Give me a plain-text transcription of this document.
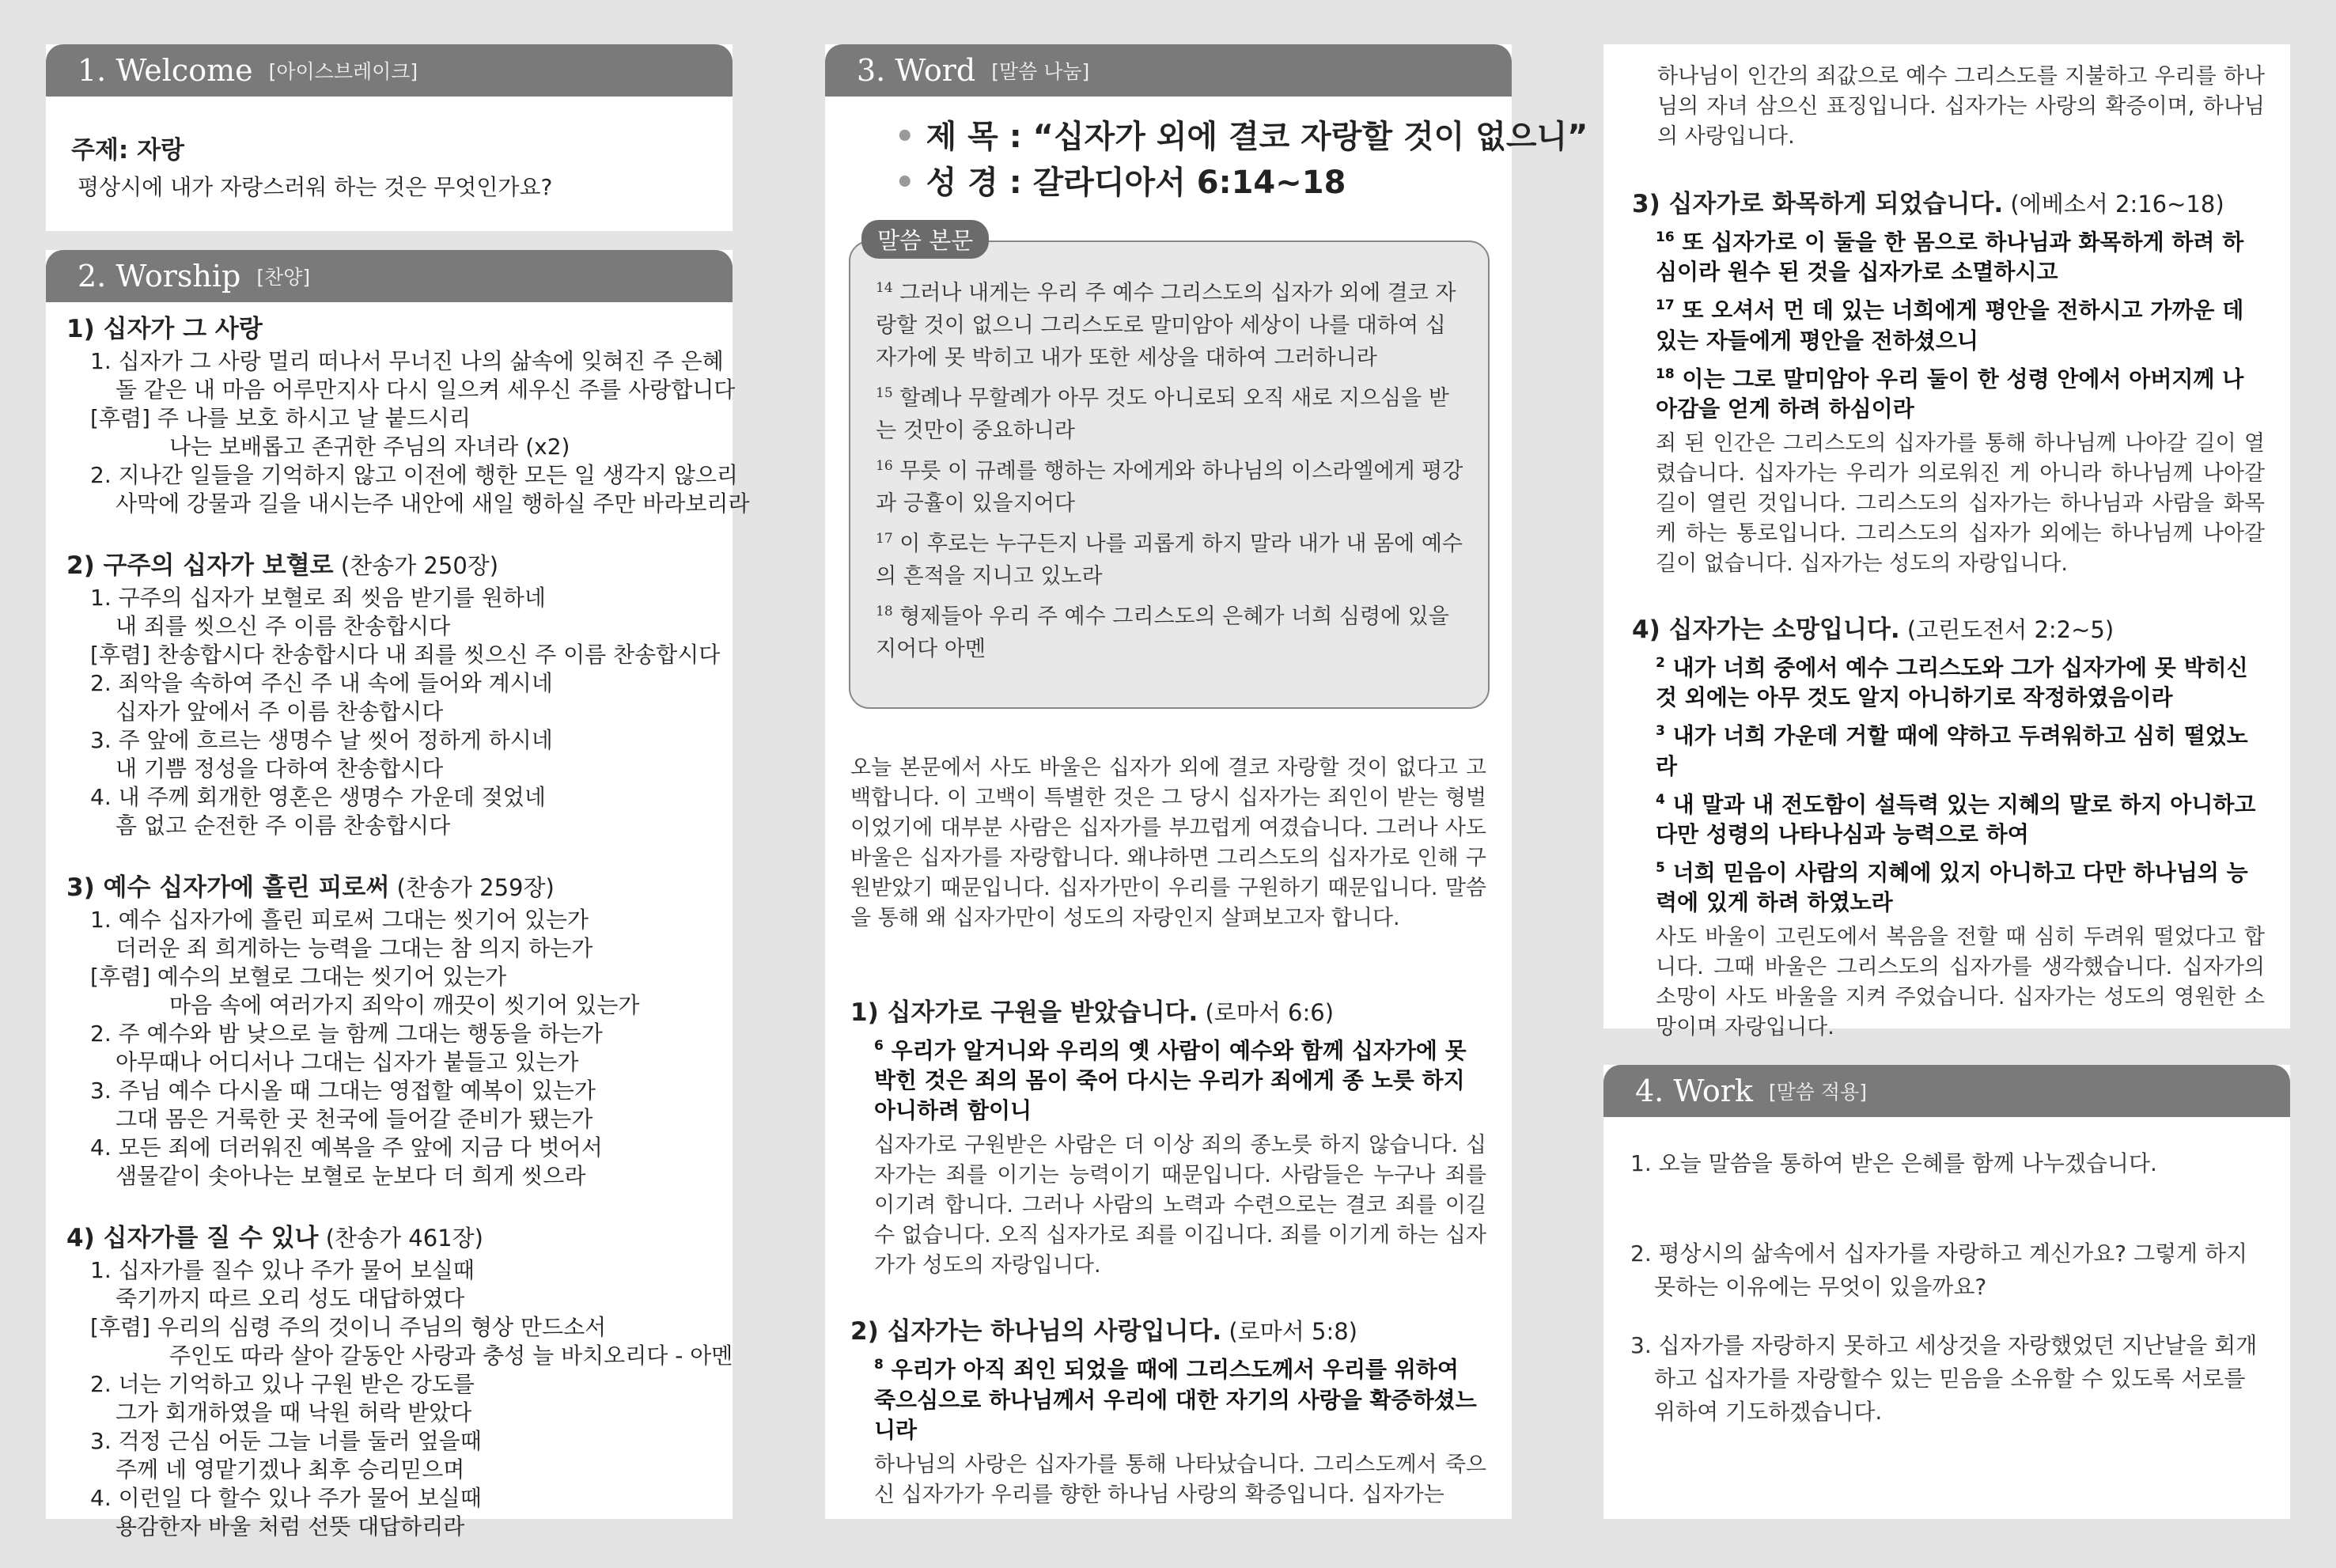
1. Welcome [아이스브레이크]
주제: 자랑
평상시에 내가 자랑스러워 하는 것은 무엇인가요?
2. Worship [찬양]
1) 십자가 그 사랑
1. 십자가 그 사랑 멀리 떠나서 무너진 나의 삶속에 잊혀진 주 은혜
돌 같은 내 마음 어루만지사 다시 일으켜 세우신 주를 사랑합니다
[후렴] 주 나를 보호 하시고 날 붙드시리
나는 보배롭고 존귀한 주님의 자녀라 (x2)
2. 지나간 일들을 기억하지 않고 이전에 행한 모든 일 생각지 않으리
사막에 강물과 길을 내시는주 내안에 새일 행하실 주만 바라보리라
2) 구주의 십자가 보혈로 (찬송가 250장)
1. 구주의 십자가 보혈로 죄 씻음 받기를 원하네
내 죄를 씻으신 주 이름 찬송합시다
[후렴] 찬송합시다 찬송합시다 내 죄를 씻으신 주 이름 찬송합시다
2. 죄악을 속하여 주신 주 내 속에 들어와 계시네
십자가 앞에서 주 이름 찬송합시다
3. 주 앞에 흐르는 생명수 날 씻어 정하게 하시네
내 기쁨 정성을 다하여 찬송합시다
4. 내 주께 회개한 영혼은 생명수 가운데 젖었네
흠 없고 순전한 주 이름 찬송합시다
3) 예수 십자가에 흘린 피로써 (찬송가 259장)
1. 예수 십자가에 흘린 피로써 그대는 씻기어 있는가
더러운 죄 희게하는 능력을 그대는 참 의지 하는가
[후렴] 예수의 보혈로 그대는 씻기어 있는가
마음 속에 여러가지 죄악이 깨끗이 씻기어 있는가
2. 주 예수와 밤 낮으로 늘 함께 그대는 행동을 하는가
아무때나 어디서나 그대는 십자가 붙들고 있는가
3. 주님 예수 다시올 때 그대는 영접할 예복이 있는가
그대 몸은 거룩한 곳 천국에 들어갈 준비가 됐는가
4. 모든 죄에 더러워진 예복을 주 앞에 지금 다 벗어서
샘물같이 솟아나는 보혈로 눈보다 더 희게 씻으라
4) 십자가를 질 수 있나 (찬송가 461장)
1. 십자가를 질수 있나 주가 물어 보실때
죽기까지 따르 오리 성도 대답하였다
[후렴] 우리의 심령 주의 것이니 주님의 형상 만드소서
주인도 따라 살아 갈동안 사랑과 충성 늘 바치오리다 - 아멘
2. 너는 기억하고 있나 구원 받은 강도를
그가 회개하였을 때 낙원 허락 받았다
3. 걱정 근심 어둔 그늘 너를 둘러 엎을때
주께 네 영맡기겠나 최후 승리믿으며
4. 이런일 다 할수 있나 주가 물어 보실때
용감한자 바울 처럼 선뜻 대답하리라
3. Word [말씀 나눔]
• 제 목 : “십자가 외에 결코 자랑할 것이 없으니”
• 성 경 : 갈라디아서 6:14~18

$^{14}$ 그러나 내게는 우리 주 예수 그리스도의 십자가 외에 결코 자랑할 것이 없으니 그리스도로 말미암아 세상이 나를 대하여 십자가에 못 박히고 내가 또한 세상을 대하여 그러하니라

$^{15}$ 할례나 무할례가 아무 것도 아니로되 오직 새로 지으심을 받는 것만이 중요하니라

$^{16}$ 무릇 이 규례를 행하는 자에게와 하나님의 이스라엘에게 평강과 긍휼이 있을지어다

$^{17}$ 이 후로는 누구든지 나를 괴롭게 하지 말라 내가 내 몸에 예수의 흔적을 지니고 있노라

$^{18}$ 형제들아 우리 주 예수 그리스도의 은혜가 너희 심령에 있을지어다 아멘

말씀 본문
오늘 본문에서 사도 바울은 십자가 외에 결코 자랑할 것이 없다고 고백합니다. 이 고백이 특별한 것은 그 당시 십자가는 죄인이 받는 형벌이었기에 대부분 사람은 십자가를 부끄럽게 여겼습니다. 그러나 사도 바울은 십자가를 자랑합니다. 왜냐하면 그리스도의 십자가로 인해 구원받았기 때문입니다. 십자가만이 우리를 구원하기 때문입니다. 말씀을 통해 왜 십자가만이 성도의 자랑인지 살펴보고자 합니다.
1) 십자가로 구원을 받았습니다. (로마서 6:6)
$^6$ 우리가 알거니와 우리의 옛 사람이 예수와 함께 십자가에 못 박힌 것은 죄의 몸이 죽어 다시는 우리가 죄에게 종 노릇 하지 아니하려 함이니
십자가로 구원받은 사람은 더 이상 죄의 종노릇 하지 않습니다. 십자가는 죄를 이기는 능력이기 때문입니다. 사람들은 누구나 죄를 이기려 합니다. 그러나 사람의 노력과 수련으로는 결코 죄를 이길 수 없습니다. 오직 십자가로 죄를 이깁니다. 죄를 이기게 하는 십자가가 성도의 자랑입니다.
2) 십자가는 하나님의 사랑입니다. (로마서 5:8)
$^8$ 우리가 아직 죄인 되었을 때에 그리스도께서 우리를 위하여 죽으심으로 하나님께서 우리에 대한 자기의 사랑을 확증하셨느니라
하나님의 사랑은 십자가를 통해 나타났습니다. 그리스도께서 죽으신 십자가가 우리를 향한 하나님 사랑의 확증입니다. 십자가는
하나님이 인간의 죄값으로 예수 그리스도를 지불하고 우리를 하나님의 자녀 삼으신 표징입니다. 십자가는 사랑의 확증이며, 하나님의 사랑입니다.
3) 십자가로 화목하게 되었습니다. (에베소서 2:16~18)
$^{16}$ 또 십자가로 이 둘을 한 몸으로 하나님과 화목하게 하려 하심이라 원수 된 것을 십자가로 소멸하시고
$^{17}$ 또 오셔서 먼 데 있는 너희에게 평안을 전하시고 가까운 데 있는 자들에게 평안을 전하셨으니
$^{18}$ 이는 그로 말미암아 우리 둘이 한 성령 안에서 아버지께 나아감을 얻게 하려 하심이라
죄 된 인간은 그리스도의 십자가를 통해 하나님께 나아갈 길이 열렸습니다. 십자가는 우리가 의로워진 게 아니라 하나님께 나아갈 길이 열린 것입니다. 그리스도의 십자가는 하나님과 사람을 화목케 하는 통로입니다. 그리스도의 십자가 외에는 하나님께 나아갈 길이 없습니다. 십자가는 성도의 자랑입니다.
4) 십자가는 소망입니다. (고린도전서 2:2~5)
$^2$ 내가 너희 중에서 예수 그리스도와 그가 십자가에 못 박히신 것 외에는 아무 것도 알지 아니하기로 작정하였음이라
$^3$ 내가 너희 가운데 거할 때에 약하고 두려워하고 심히 떨었노라
$^4$ 내 말과 내 전도함이 설득력 있는 지혜의 말로 하지 아니하고 다만 성령의 나타나심과 능력으로 하여
$^5$ 너희 믿음이 사람의 지혜에 있지 아니하고 다만 하나님의 능력에 있게 하려 하였노라
사도 바울이 고린도에서 복음을 전할 때 심히 두려워 떨었다고 합니다. 그때 바울은 그리스도의 십자가를 생각했습니다. 십자가의 소망이 사도 바울을 지켜 주었습니다. 십자가는 성도의 영원한 소망이며 자랑입니다.
4. Work [말씀 적용]
1. 오늘 말씀을 통하여 받은 은혜를 함께 나누겠습니다.
2. 평상시의 삶속에서 십자가를 자랑하고 계신가요? 그렇게 하지못하는 이유에는 무엇이 있을까요?
3. 십자가를 자랑하지 못하고 세상것을 자랑했었던 지난날을 회개하고 십자가를 자랑할수 있는 믿음을 소유할 수 있도록 서로를 위하여 기도하겠습니다.
